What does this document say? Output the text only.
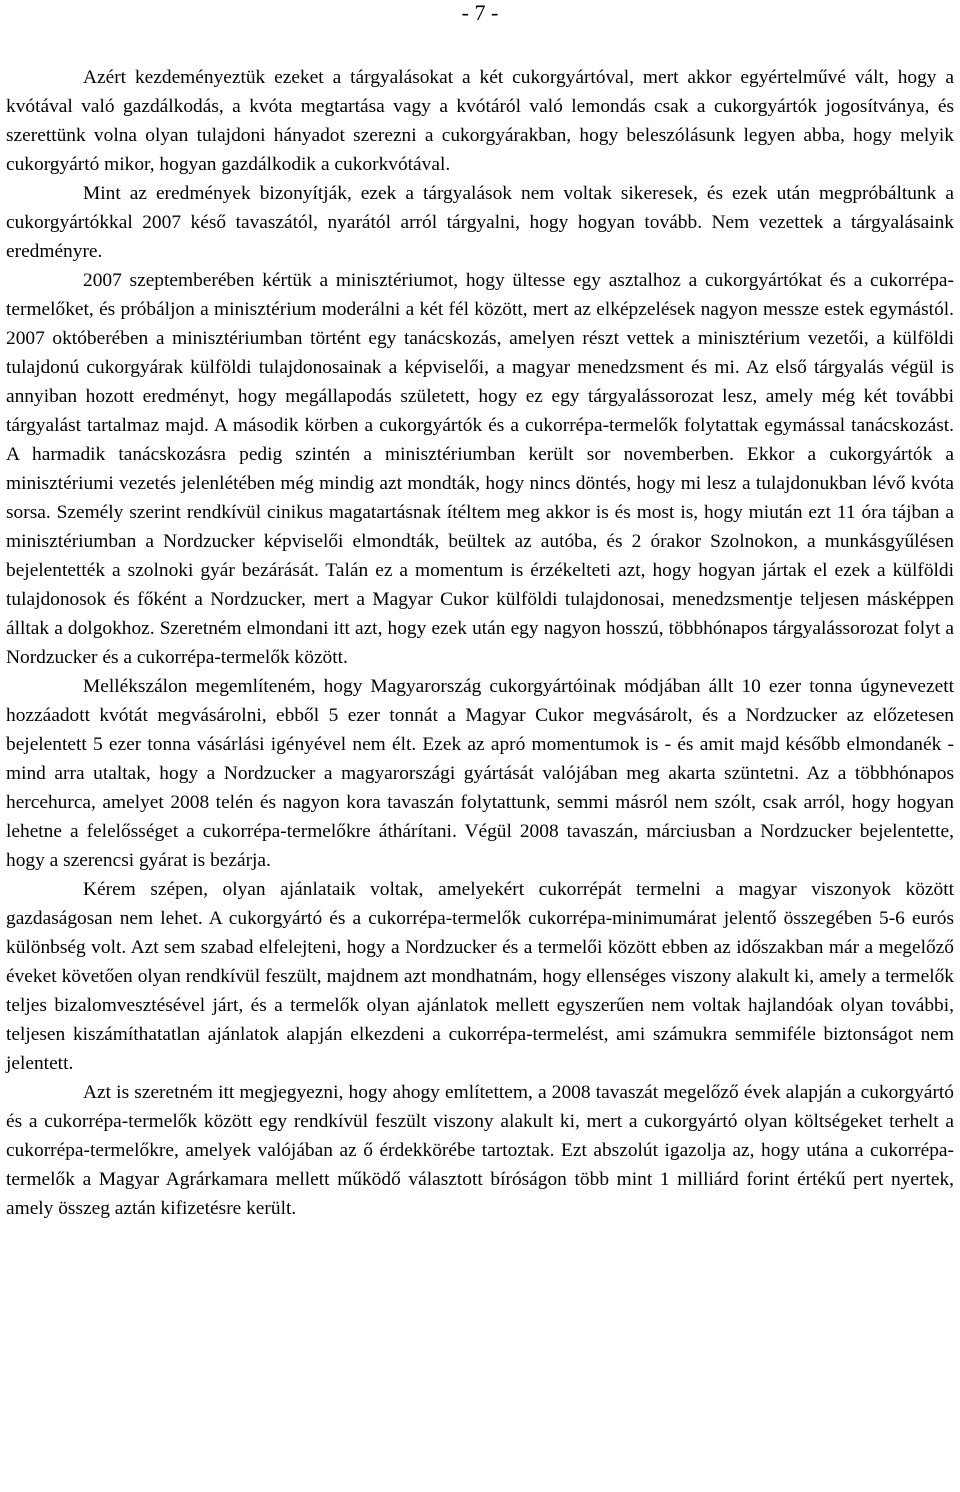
- 7 -

Azért kezdeményeztük ezeket a tárgyalásokat a két cukorgyártóval, mert akkor egyértelművé vált, hogy a kvótával való gazdálkodás, a kvóta megtartása vagy a kvótáról való lemondás csak a cukorgyártók jogosítványa, és szerettünk volna olyan tulajdoni hányadot szerezni a cukorgyárakban, hogy beleszólásunk legyen abba, hogy melyik cukorgyártó mikor, hogyan gazdálkodik a cukorkvótával.

Mint az eredmények bizonyítják, ezek a tárgyalások nem voltak sikeresek, és ezek után megpróbáltunk a cukorgyártókkal 2007 késő tavaszától, nyarától arról tárgyalni, hogy hogyan tovább. Nem vezettek a tárgyalásaink eredményre.

2007 szeptemberében kértük a minisztériumot, hogy ültesse egy asztalhoz a cukorgyártókat és a cukorrépa-termelőket, és próbáljon a minisztérium moderálni a két fél között, mert az elképzelések nagyon messze estek egymástól. 2007 októberében a minisztériumban történt egy tanácskozás, amelyen részt vettek a minisztérium vezetői, a külföldi tulajdonú cukorgyárak külföldi tulajdonosainak a képviselői, a magyar menedzsment és mi. Az első tárgyalás végül is annyiban hozott eredményt, hogy megállapodás született, hogy ez egy tárgyalássorozat lesz, amely még két további tárgyalást tartalmaz majd. A második körben a cukorgyártók és a cukorrépa-termelők folytattak egymással tanácskozást. A harmadik tanácskozásra pedig szintén a minisztériumban került sor novemberben. Ekkor a cukorgyártók a minisztériumi vezetés jelenlétében még mindig azt mondták, hogy nincs döntés, hogy mi lesz a tulajdonukban lévő kvóta sorsa. Személy szerint rendkívül cinikus magatartásnak ítéltem meg akkor is és most is, hogy miután ezt 11 óra tájban a minisztériumban a Nordzucker képviselői elmondták, beültek az autóba, és 2 órakor Szolnokon, a munkásgyűlésen bejelentették a szolnoki gyár bezárását. Talán ez a momentum is érzékelteti azt, hogy hogyan jártak el ezek a külföldi tulajdonosok és főként a Nordzucker, mert a Magyar Cukor külföldi tulajdonosai, menedzsmentje teljesen másképpen álltak a dolgokhoz. Szeretném elmondani itt azt, hogy ezek után egy nagyon hosszú, többhónapos tárgyalássorozat folyt a Nordzucker és a cukorrépa-termelők között.

Mellékszálon megemlíteném, hogy Magyarország cukorgyártóinak módjában állt 10 ezer tonna úgynevezett hozzáadott kvótát megvásárolni, ebből 5 ezer tonnát a Magyar Cukor megvásárolt, és a Nordzucker az előzetesen bejelentett 5 ezer tonna vásárlási igényével nem élt. Ezek az apró momentumok is - és amit majd később elmondanék - mind arra utaltak, hogy a Nordzucker a magyarországi gyártását valójában meg akarta szüntetni. Az a többhónapos hercehurca, amelyet 2008 telén és nagyon kora tavaszán folytattunk, semmi másról nem szólt, csak arról, hogy hogyan lehetne a felelősséget a cukorrépa-termelőkre áthárítani. Végül 2008 tavaszán, márciusban a Nordzucker bejelentette, hogy a szerencsi gyárat is bezárja.

Kérem szépen, olyan ajánlataik voltak, amelyekért cukorrépát termelni a magyar viszonyok között gazdaságosan nem lehet. A cukorgyártó és a cukorrépa-termelők cukorrépa-minimumárat jelentő összegében 5-6 eurós különbség volt. Azt sem szabad elfelejteni, hogy a Nordzucker és a termelői között ebben az időszakban már a megelőző éveket követően olyan rendkívül feszült, majdnem azt mondhatnám, hogy ellenséges viszony alakult ki, amely a termelők teljes bizalomvesztésével járt, és a termelők olyan ajánlatok mellett egyszerűen nem voltak hajlandóak olyan további, teljesen kiszámíthatatlan ajánlatok alapján elkezdeni a cukorrépa-termelést, ami számukra semmiféle biztonságot nem jelentett.

Azt is szeretném itt megjegyezni, hogy ahogy említettem, a 2008 tavaszát megelőző évek alapján a cukorgyártó és a cukorrépa-termelők között egy rendkívül feszült viszony alakult ki, mert a cukorgyártó olyan költségeket terhelt a cukorrépa-termelőkre, amelyek valójában az ő érdekkörébe tartoztak. Ezt abszolút igazolja az, hogy utána a cukorrépa-termelők a Magyar Agrárkamara mellett működő választott bíróságon több mint 1 milliárd forint értékű pert nyertek, amely összeg aztán kifizetésre került.
